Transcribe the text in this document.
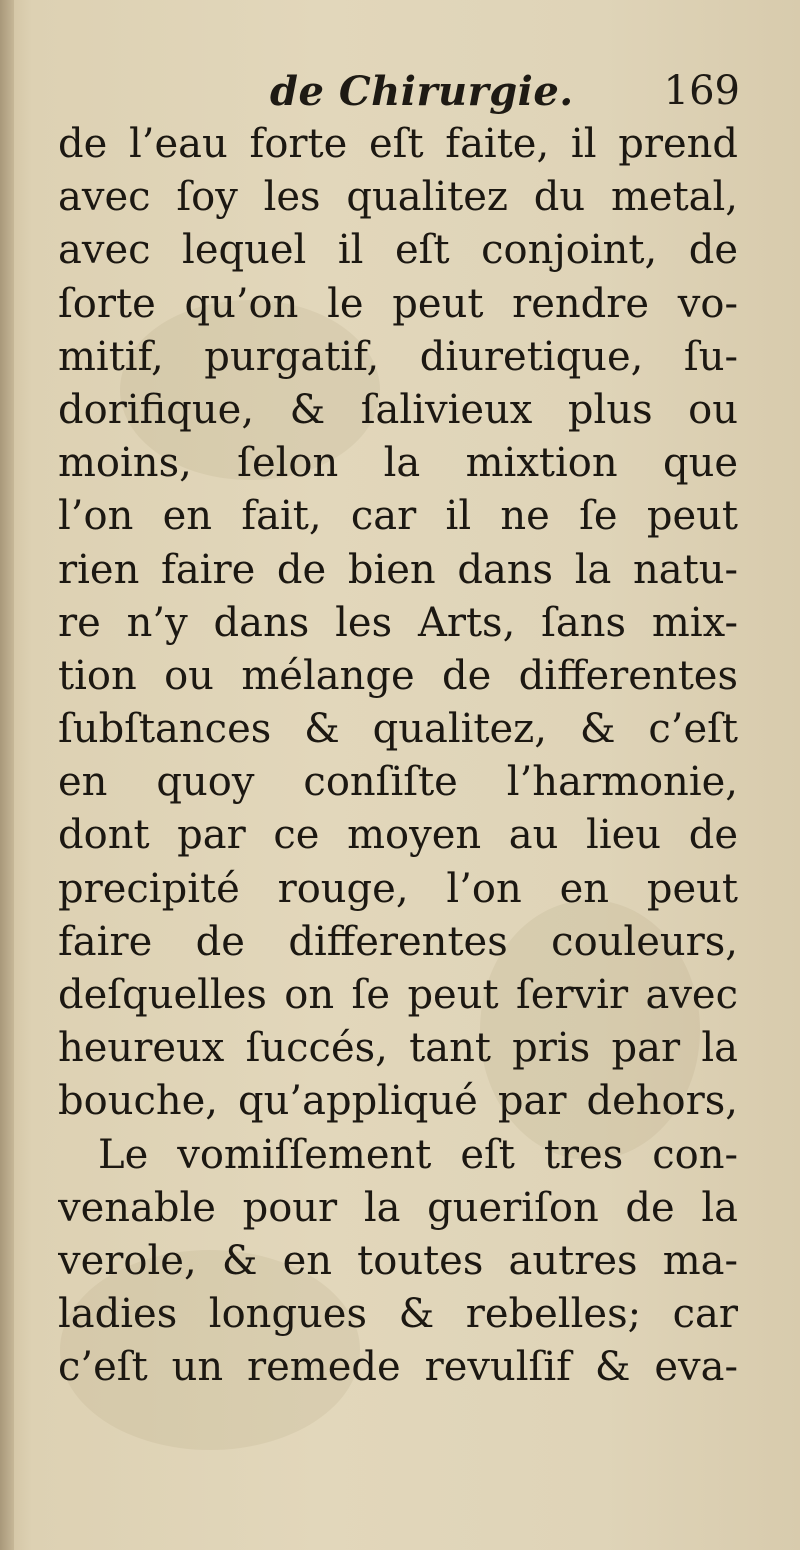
de Chirurgie. 169
de l’eau forte eſt faite, il prend
avec ſoy les qualitez du metal,
avec lequel il eſt conjoint, de
ſorte qu’on le peut rendre vo-
mitif, purgatif, diuretique, ſu-
dorifique, & ſalivieux plus ou
moins, ſelon la mixtion que
l’on en fait, car il ne ſe peut
rien faire de bien dans la natu-
re n’y dans les Arts, ſans mix-
tion ou mélange de differentes
ſubſtances & qualitez, & c’eſt
en quoy conſiſte l’harmonie,
dont par ce moyen au lieu de
precipité rouge, l’on en peut
faire de differentes couleurs,
deſquelles on ſe peut ſervir avec
heureux ſuccés, tant pris par la
bouche, qu’appliqué par dehors,
Le vomiſſement eſt tres con-
venable pour la gueriſon de la
verole, & en toutes autres ma-
ladies longues & rebelles; car
c’eſt un remede revulſif & eva-
